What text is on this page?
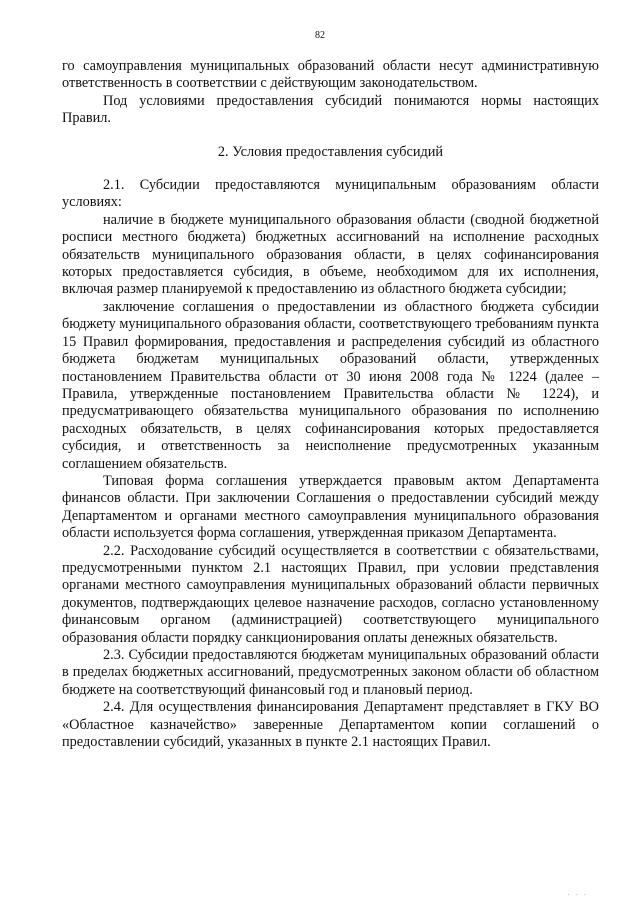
82

го самоуправления муниципальных образований области несут административную ответственность в соответствии с действующим законодательством.

Под условиями предоставления субсидий понимаются нормы настоящих Правил.

2. Условия предоставления субсидий

2.1. Субсидии предоставляются муниципальным образованиям области условиях:

наличие в бюджете муниципального образования области (сводной бюджетной росписи местного бюджета) бюджетных ассигнований на исполнение расходных обязательств муниципального образования области, в целях софинансирования которых предоставляется субсидия, в объеме, необходимом для их исполнения, включая размер планируемой к предоставлению из областного бюджета субсидии;

заключение соглашения о предоставлении из областного бюджета субсидии бюджету муниципального образования области, соответствующего требованиям пункта 15 Правил формирования, предоставления и распределения субсидий из областного бюджета бюджетам муниципальных образований области, утвержденных постановлением Правительства области от 30 июня 2008 года № 1224 (далее – Правила, утвержденные постановлением Правительства области № 1224), и предусматривающего обязательства муниципального образования по исполнению расходных обязательств, в целях софинансирования которых предоставляется субсидия, и ответственность за неисполнение предусмотренных указанным соглашением обязательств.

Типовая форма соглашения утверждается правовым актом Департамента финансов области. При заключении Соглашения о предоставлении субсидий между Департаментом и органами местного самоуправления муниципального образования области используется форма соглашения, утвержденная приказом Департамента.

2.2. Расходование субсидий осуществляется в соответствии с обязательствами, предусмотренными пунктом 2.1 настоящих Правил, при условии представления органами местного самоуправления муниципальных образований области первичных документов, подтверждающих целевое назначение расходов, согласно установленному финансовым органом (администрацией) соответствующего муниципального образования области порядку санкционирования оплаты денежных обязательств.

2.3. Субсидии предоставляются бюджетам муниципальных образований области в пределах бюджетных ассигнований, предусмотренных законом области об областном бюджете на соответствующий финансовый год и плановый период.

2.4. Для осуществления финансирования Департамент представляет в ГКУ ВО «Областное казначейство» заверенные Департаментом копии соглашений о предоставлении субсидий, указанных в пункте 2.1 настоящих Правил.

· · ·
